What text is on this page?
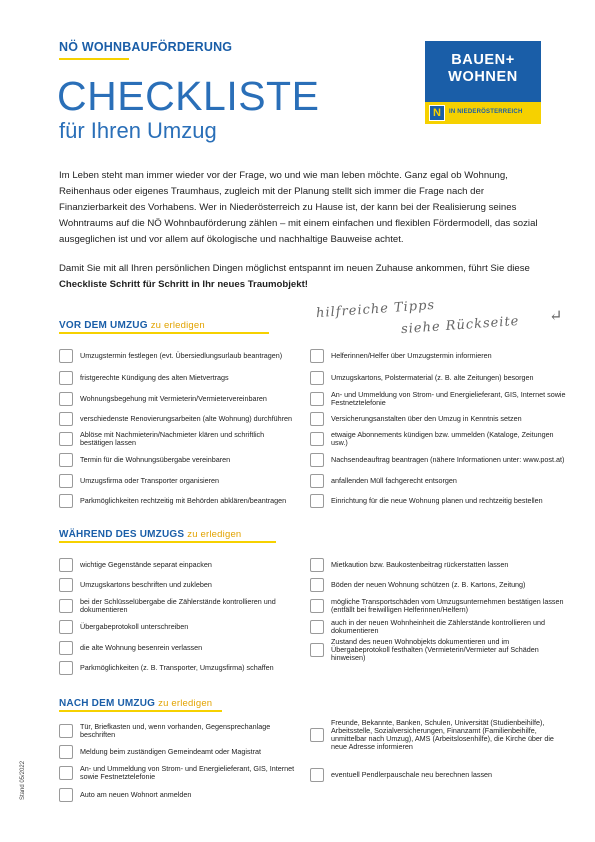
NÖ WOHNBAUFÖRDERUNG
CHECKLISTE
für Ihren Umzug
BAUEN+
WOHNEN
N	IN NIEDERÖSTERREICH
Im Leben steht man immer wieder vor der Frage, wo und wie man leben möchte. Ganz egal ob Wohnung, Reihenhaus oder eigenes Traumhaus, zugleich mit der Planung stellt sich immer die Frage nach der Finanzierbarkeit des Vorhabens. Wer in Niederösterreich zu Hause ist, der kann bei der Realisierung seines Wohntraums auf die NÖ Wohnbauförderung zählen – mit einem einfachen und flexiblen Fördermodell, das sozial ausgeglichen ist und vor allem auf ökologische und nachhaltige Bauweise achtet.
Damit Sie mit all Ihren persönlichen Dingen möglichst entspannt im neuen Zuhause ankommen, führt Sie diese Checkliste Schritt für Schritt in Ihr neues Traumobjekt!
hilfreiche Tipps
siehe Rückseite ↵
VOR DEM UMZUG zu erledigen
Umzugstermin festlegen (evt. Übersiedlungsurlaub beantragen)
fristgerechte Kündigung des alten Mietvertrags
Wohnungsbegehung mit Vermieterin/Vermietervereinbaren
verschiedenste Renovierungsarbeiten (alte Wohnung) durchführen
Ablöse mit Nachmieterin/Nachmieter klären und schriftlich bestätigen lassen
Termin für die Wohnungsübergabe vereinbaren
Umzugsfirma oder Transporter organisieren
Parkmöglichkeiten rechtzeitig mit Behörden abklären/beantragen
Helferinnen/Helfer über Umzugstermin informieren
Umzugskartons, Polstermaterial (z. B. alte Zeitungen) besorgen
An- und Ummeldung von Strom- und Energielieferant, GIS, Internet sowie Festnetztelefonie
Versicherungsanstalten über den Umzug in Kenntnis setzen
etwaige Abonnements kündigen bzw. ummelden (Kataloge, Zeitungen usw.)
Nachsendeauftrag beantragen (nähere Informationen unter: www.post.at)
anfallenden Müll fachgerecht entsorgen
Einrichtung für die neue Wohnung planen und rechtzeitig bestellen
WÄHREND DES UMZUGS zu erledigen
wichtige Gegenstände separat einpacken
Umzugskartons beschriften und zukleben
bei der Schlüsselübergabe die Zählerstände kontrollieren und dokumentieren
Übergabeprotokoll unterschreiben
die alte Wohnung besenrein verlassen
Parkmöglichkeiten (z. B. Transporter, Umzugsfirma) schaffen
Mietkaution bzw. Baukostenbeitrag rückerstatten lassen
Böden der neuen Wohnung schützen (z. B. Kartons, Zeitung)
mögliche Transportschäden vom Umzugsunternehmen bestätigen lassen (entfällt bei freiwilligen Helferinnen/Helfern)
auch in der neuen Wohnheinheit die Zählerstände kontrollieren und dokumentieren
Zustand des neuen Wohnobjekts dokumentieren und im Übergabeprotokoll festhalten (Vermieterin/Vermieter auf Schäden hinweisen)
NACH DEM UMZUG zu erledigen
Tür, Briefkasten und, wenn vorhanden, Gegensprechanlage beschriften
Meldung beim zuständigen Gemeindeamt oder Magistrat
An- und Ummeldung von Strom- und Energielieferant, GIS, Internet sowie Festnetztelefonie
Auto am neuen Wohnort anmelden
Freunde, Bekannte, Banken, Schulen, Universität (Studienbeihilfe), Arbeitsstelle, Sozialversicherungen, Finanzamt (Familienbeihilfe, unmittelbar nach Umzug), AMS (Arbeitslosenhilfe), die Kirche über die neue Adresse informieren
eventuell Pendlerpauschale neu berechnen lassen
Stand 05/2022
